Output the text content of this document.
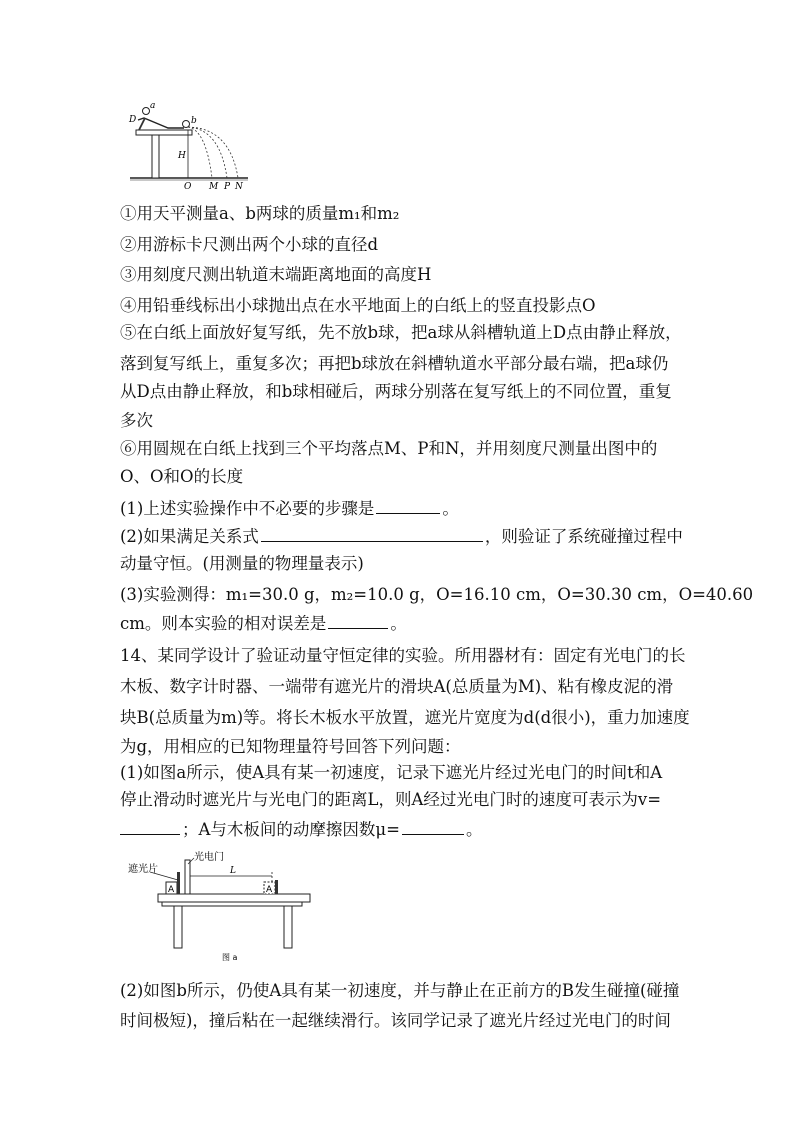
a
b
D
H
O M P N
①用天平测量a、b两球的质量m₁和m₂
②用游标卡尺测出两个小球的直径d
③用刻度尺测出轨道末端距离地面的高度H
④用铅垂线标出小球抛出点在水平地面上的白纸上的竖直投影点O
⑤在白纸上面放好复写纸，先不放b球，把a球从斜槽轨道上D点由静止释放，
落到复写纸上，重复多次；再把b球放在斜槽轨道水平部分最右端，把a球仍
从D点由静止释放，和b球相碰后，两球分别落在复写纸上的不同位置，重复
多次
⑥用圆规在白纸上找到三个平均落点M、P和N，并用刻度尺测量出图中的
O、O和O的长度
(1)上述实验操作中不必要的步骤是	。
(2)如果满足关系式	，则验证了系统碰撞过程中
动量守恒。(用测量的物理量表示)
(3)实验测得：m₁=30.0 g，m₂=10.0 g，O=16.10 cm，O=30.30 cm，O=40.60
cm。则本实验的相对误差是	。
14、某同学设计了验证动量守恒定律的实验。所用器材有：固定有光电门的长
木板、数字计时器、一端带有遮光片的滑块A(总质量为M)、粘有橡皮泥的滑
块B(总质量为m)等。将长木板水平放置，遮光片宽度为d(d很小)，重力加速度
为g，用相应的已知物理量符号回答下列问题：
(1)如图a所示，使A具有某一初速度，记录下遮光片经过光电门的时间t和A
停止滑动时遮光片与光电门的距离L，则A经过光电门时的速度可表示为v=
；A与木板间的动摩擦因数μ=	。
遮光片
光电门
L
A	A
图 a
(2)如图b所示，仍使A具有某一初速度，并与静止在正前方的B发生碰撞(碰撞
时间极短)，撞后粘在一起继续滑行。该同学记录了遮光片经过光电门的时间
